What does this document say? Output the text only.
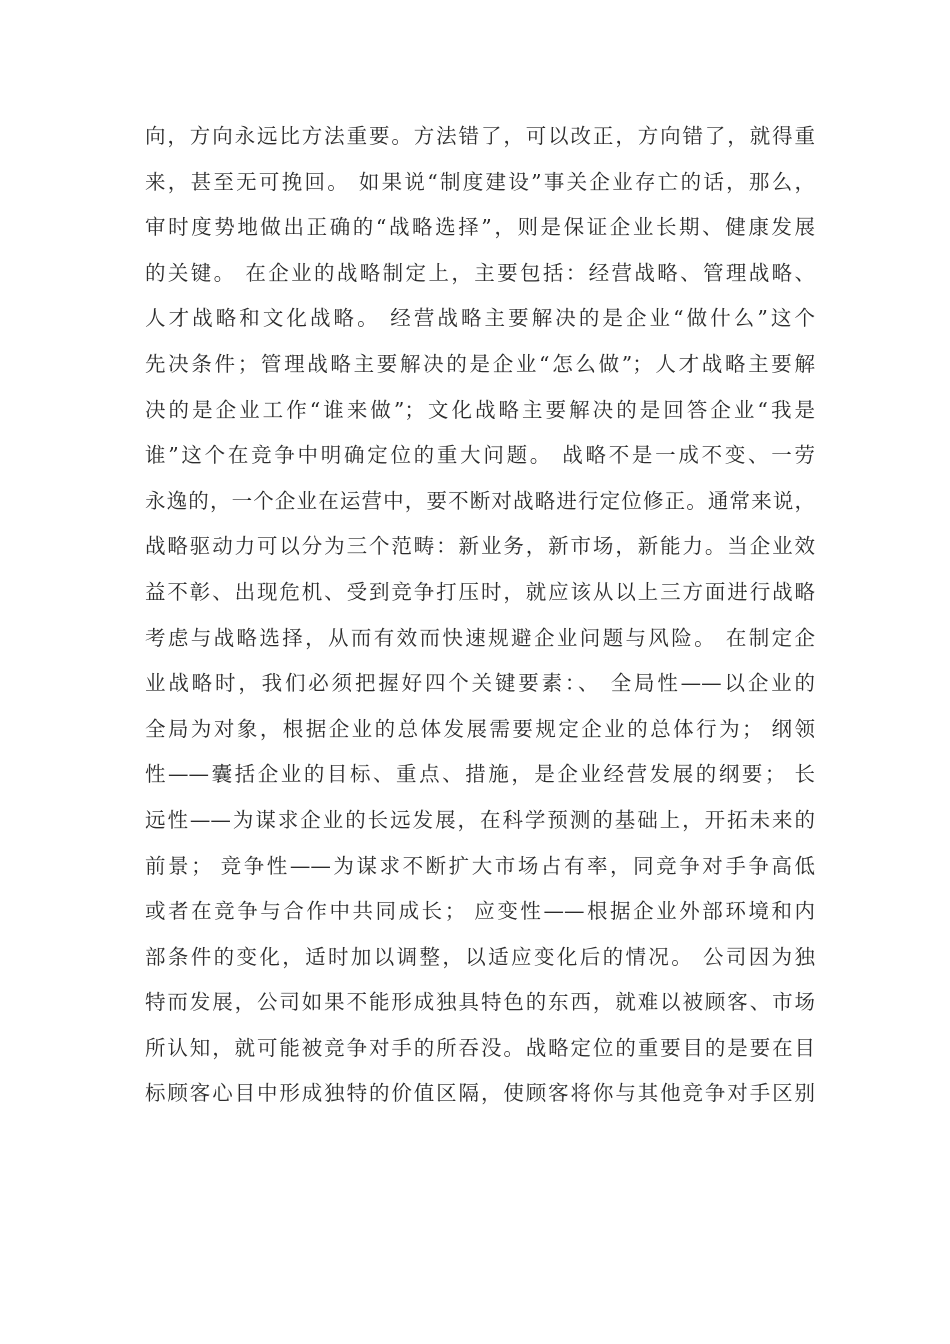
向，方向永远比方法重要。方法错了，可以改正，方向错了，就得重
来，甚至无可挽回。 如果说“制度建设”事关企业存亡的话，那么，
审时度势地做出正确的“战略选择”，则是保证企业长期、健康发展
的关键。 在企业的战略制定上，主要包括：经营战略、管理战略、
人才战略和文化战略。 经营战略主要解决的是企业“做什么”这个
先决条件；管理战略主要解决的是企业“怎么做”；人才战略主要解
决的是企业工作“谁来做”；文化战略主要解决的是回答企业“我是
谁”这个在竞争中明确定位的重大问题。 战略不是一成不变、一劳
永逸的，一个企业在运营中，要不断对战略进行定位修正。通常来说，
战略驱动力可以分为三个范畴：新业务，新市场，新能力。当企业效
益不彰、出现危机、受到竞争打压时，就应该从以上三方面进行战略
考虑与战略选择，从而有效而快速规避企业问题与风险。 在制定企
业战略时，我们必须把握好四个关键要素：、 全局性——以企业的
全局为对象，根据企业的总体发展需要规定企业的总体行为； 纲领
性——囊括企业的目标、重点、措施，是企业经营发展的纲要； 长
远性——为谋求企业的长远发展，在科学预测的基础上，开拓未来的
前景； 竞争性——为谋求不断扩大市场占有率，同竞争对手争高低
或者在竞争与合作中共同成长； 应变性——根据企业外部环境和内
部条件的变化，适时加以调整，以适应变化后的情况。 公司因为独
特而发展，公司如果不能形成独具特色的东西，就难以被顾客、市场
所认知，就可能被竞争对手的所吞没。战略定位的重要目的是要在目
标顾客心目中形成独特的价值区隔，使顾客将你与其他竞争对手区别
